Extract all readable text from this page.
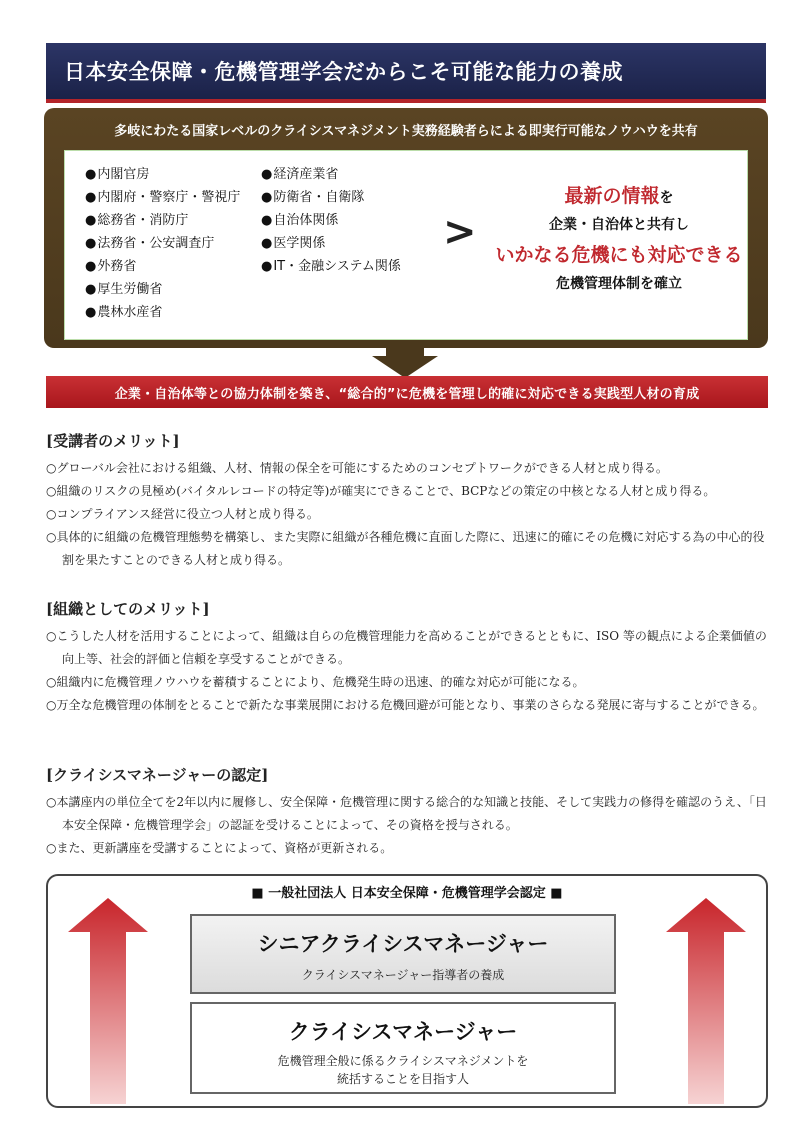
日本安全保障・危機管理学会だからこそ可能な能力の養成
多岐にわたる国家レベルのクライシスマネジメント実務経験者らによる即実行可能なノウハウを共有
● 内閣官房
● 内閣府・警察庁・警視庁
● 総務省・消防庁
● 法務省・公安調査庁
● 外務省
● 厚生労働省
● 農林水産省
● 経済産業省
● 防衛省・自衛隊
● 自治体関係
● 医学関係
● IT・金融システム関係
>
最新の情報を
企業・自治体と共有し
いかなる危機にも対応できる
危機管理体制を確立
企業・自治体等との協力体制を築き、“総合的”に危機を管理し的確に対応できる実践型人材の育成
[受講者のメリット]

○ グローバル会社における組織、人材、情報の保全を可能にするためのコンセプトワークができる人材と成り得る。

○ 組織のリスクの見極め(バイタルレコードの特定等)が確実にできることで、BCPなどの策定の中核となる人材と成り得る。

○ コンプライアンス経営に役立つ人材と成り得る。

○ 具体的に組織の危機管理態勢を構築し、また実際に組織が各種危機に直面した際に、迅速に的確にその危機に対応する為の中心的役割を果たすことのできる人材と成り得る。

[組織としてのメリット]

○ こうした人材を活用することによって、組織は自らの危機管理能力を高めることができるとともに、ISO 等の観点による企業価値の向上等、社会的評価と信頼を享受することができる。

○ 組織内に危機管理ノウハウを蓄積することにより、危機発生時の迅速、的確な対応が可能になる。

○ 万全な危機管理の体制をとることで新たな事業展開における危機回避が可能となり、事業のさらなる発展に寄与することができる。

[クライシスマネージャーの認定]

○ 本講座内の単位全てを2年以内に履修し、安全保障・危機管理に関する総合的な知識と技能、そして実践力の修得を確認のうえ、「日本安全保障・危機管理学会」の認証を受けることによって、その資格を授与される。

○ また、更新講座を受講することによって、資格が更新される。

■ 一般社団法人 日本安全保障・危機管理学会認定 ■
危機管理能力	社会的要請と認知
シニアクライシスマネージャー
クライシスマネージャー指導者の養成
クライシスマネージャー
危機管理全般に係るクライシスマネジメントを
統括することを目指す人
